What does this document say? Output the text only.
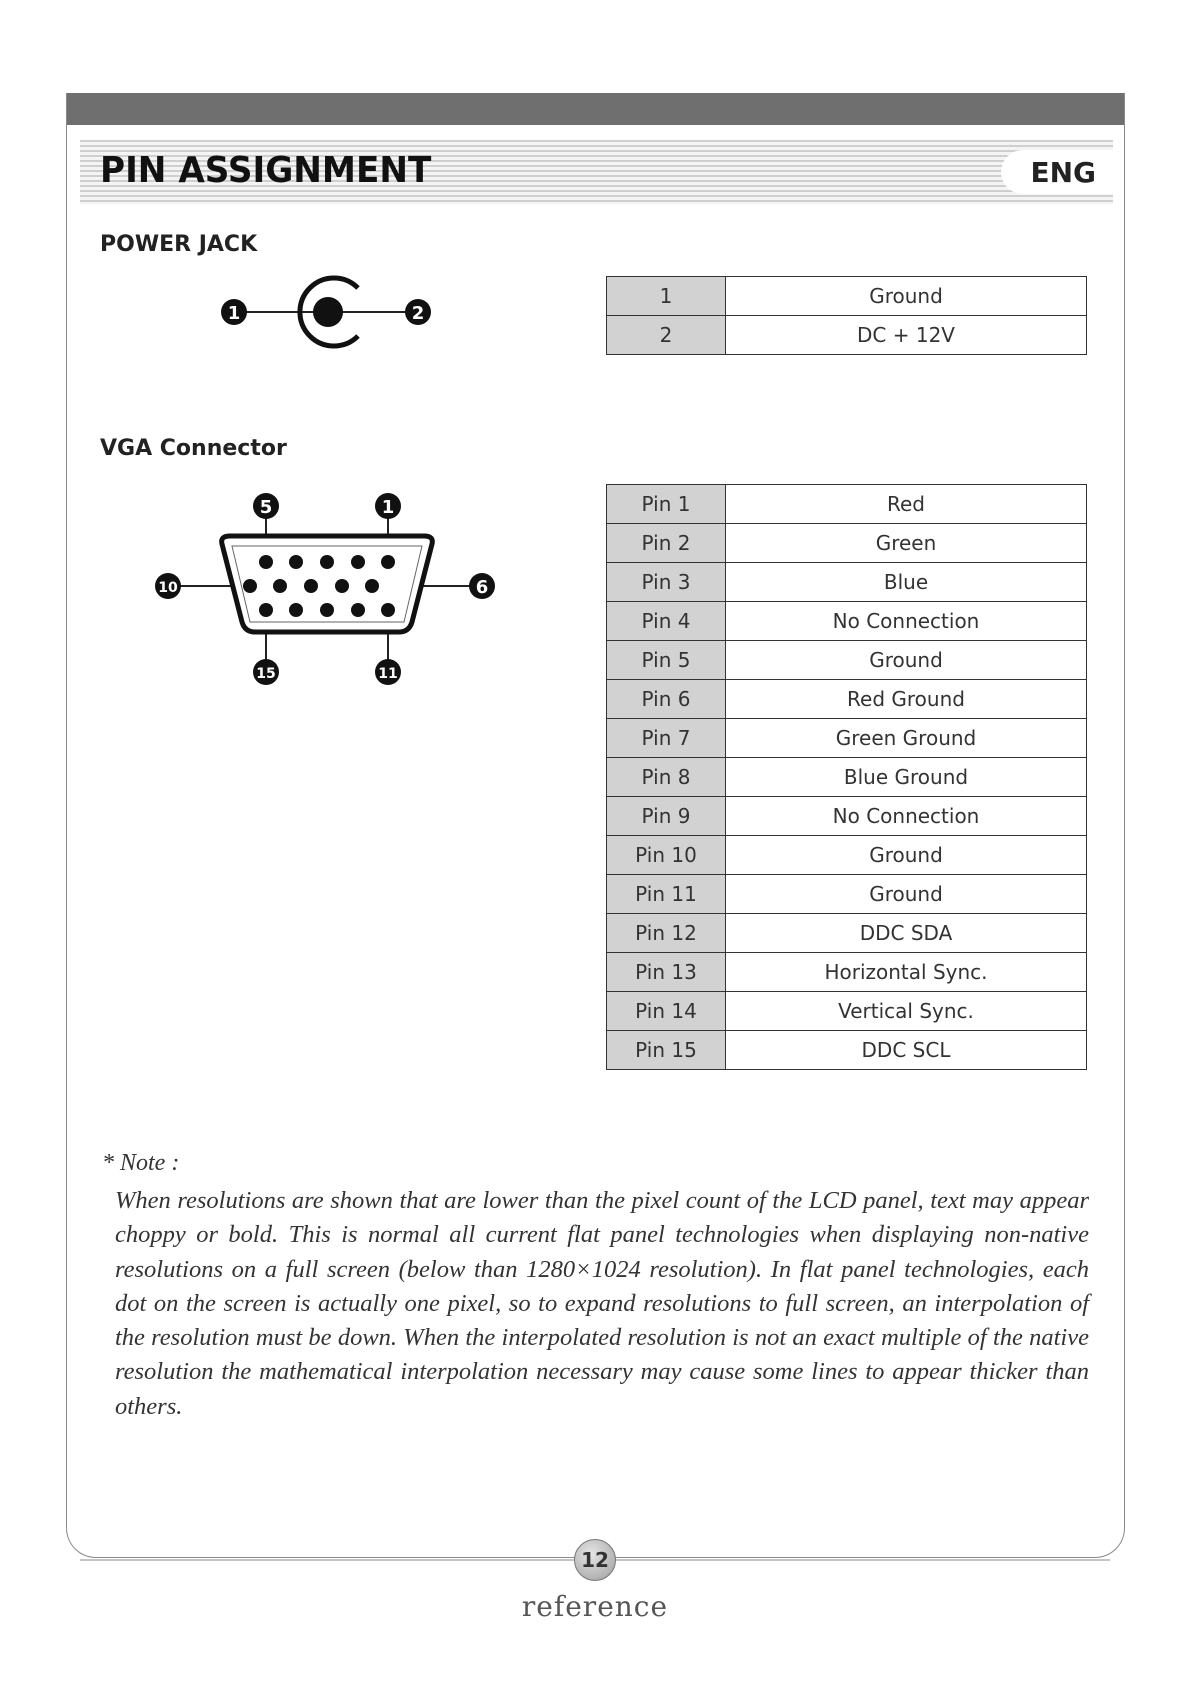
PIN ASSIGNMENT	ENG
POWER JACK
1	2
1	Ground
2	DC + 12V
VGA Connector
5	1
10	6
15	11
Pin 1	Red
Pin 2	Green
Pin 3	Blue
Pin 4	No Connection
Pin 5	Ground
Pin 6	Red Ground
Pin 7	Green Ground
Pin 8	Blue Ground
Pin 9	No Connection
Pin 10	Ground
Pin 11	Ground
Pin 12	DDC SDA
Pin 13	Horizontal Sync.
Pin 14	Vertical Sync.
Pin 15	DDC SCL
* Note :
When resolutions are shown that are lower than the pixel count of the LCD panel, text may appear choppy or bold. This is normal all current flat panel technologies when displaying non-native resolutions on a full screen (below than 1280×1024 resolution). In flat panel technologies, each dot on the screen is actually one pixel, so to expand resolutions to full screen, an interpolation of the resolution must be down. When the interpolated resolution is not an exact multiple of the native resolution the mathematical interpolation necessary may cause some lines to appear thicker than others.
12
reference
